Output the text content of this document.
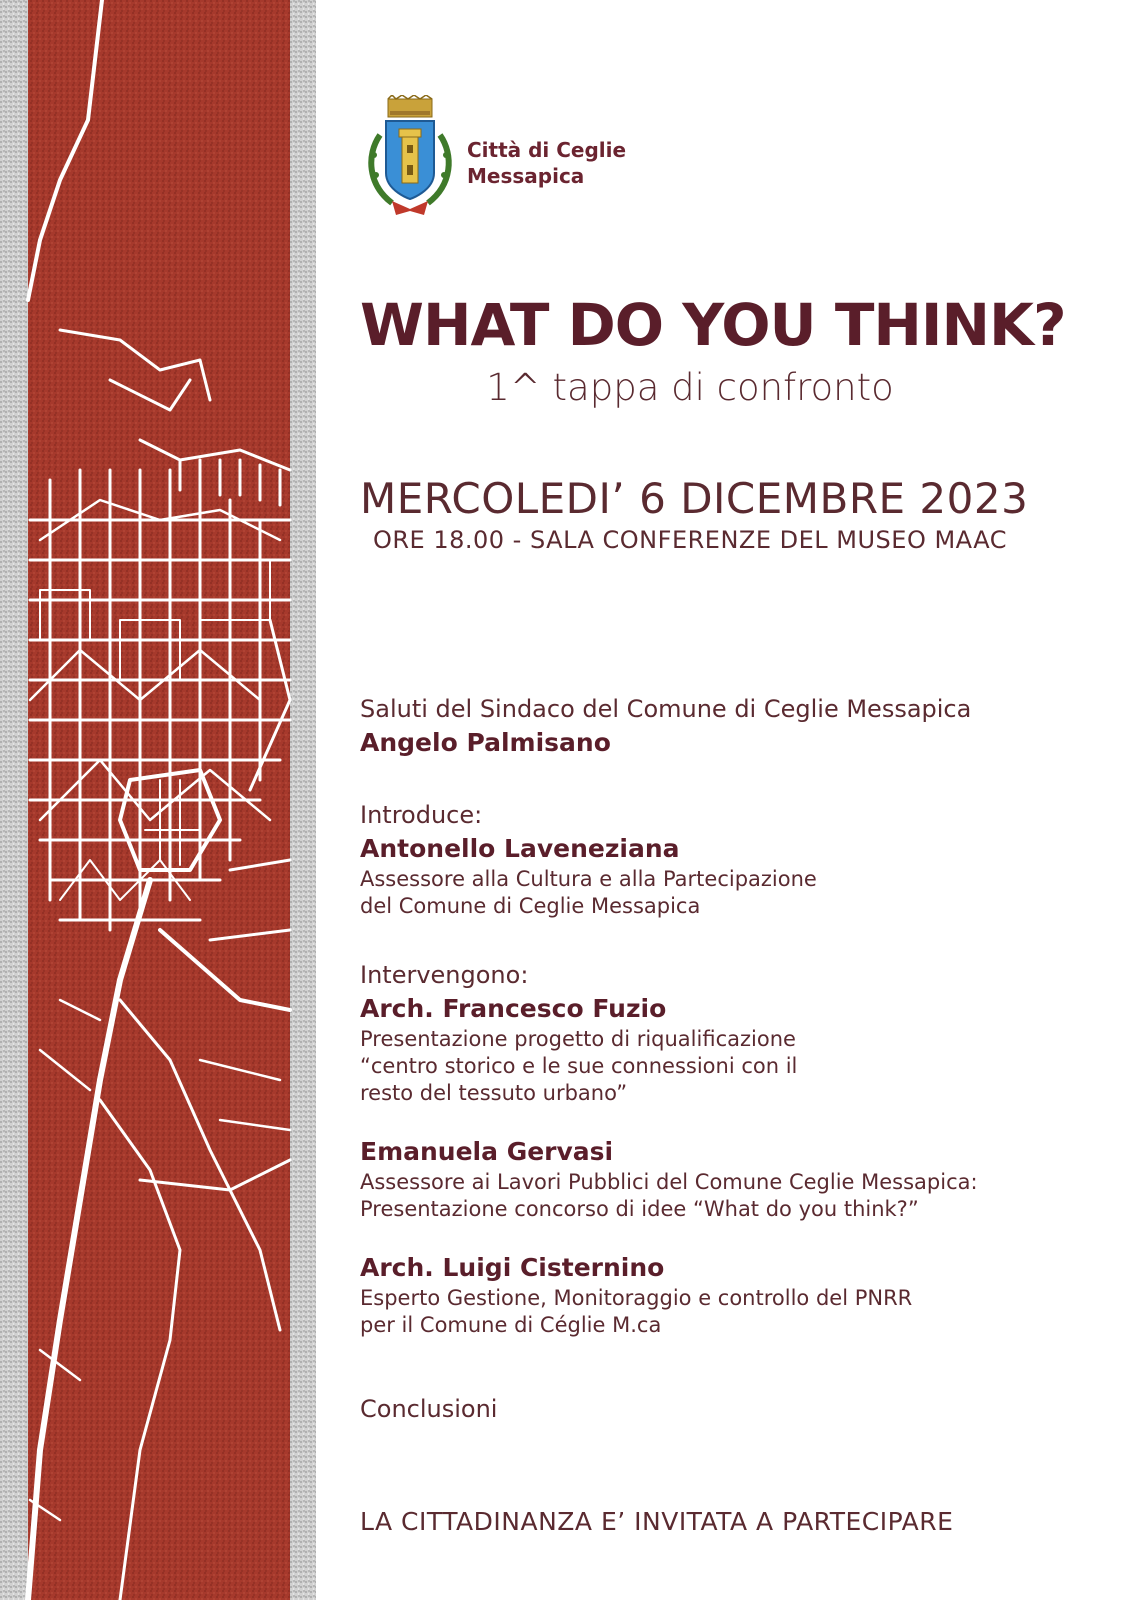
Città di Ceglie
Messapica
WHAT DO YOU THINK?
1^ tappa di confronto
MERCOLEDI’ 6 DICEMBRE 2023
ORE 18.00 - SALA CONFERENZE DEL MUSEO MAAC
Saluti del Sindaco del Comune di Ceglie Messapica
Angelo Palmisano
Introduce:
Antonello Laveneziana
Assessore alla Cultura e alla Partecipazione
del Comune di Ceglie Messapica
Intervengono:
Arch. Francesco Fuzio
Presentazione progetto di riqualificazione
“centro storico e le sue connessioni con il
resto del tessuto urbano”
Emanuela Gervasi
Assessore ai Lavori Pubblici del Comune Ceglie Messapica:
Presentazione concorso di idee “What do you think?”
Arch. Luigi Cisternino
Esperto Gestione, Monitoraggio e controllo del PNRR
per il Comune di Céglie M.ca
Conclusioni
LA CITTADINANZA E’ INVITATA A PARTECIPARE
